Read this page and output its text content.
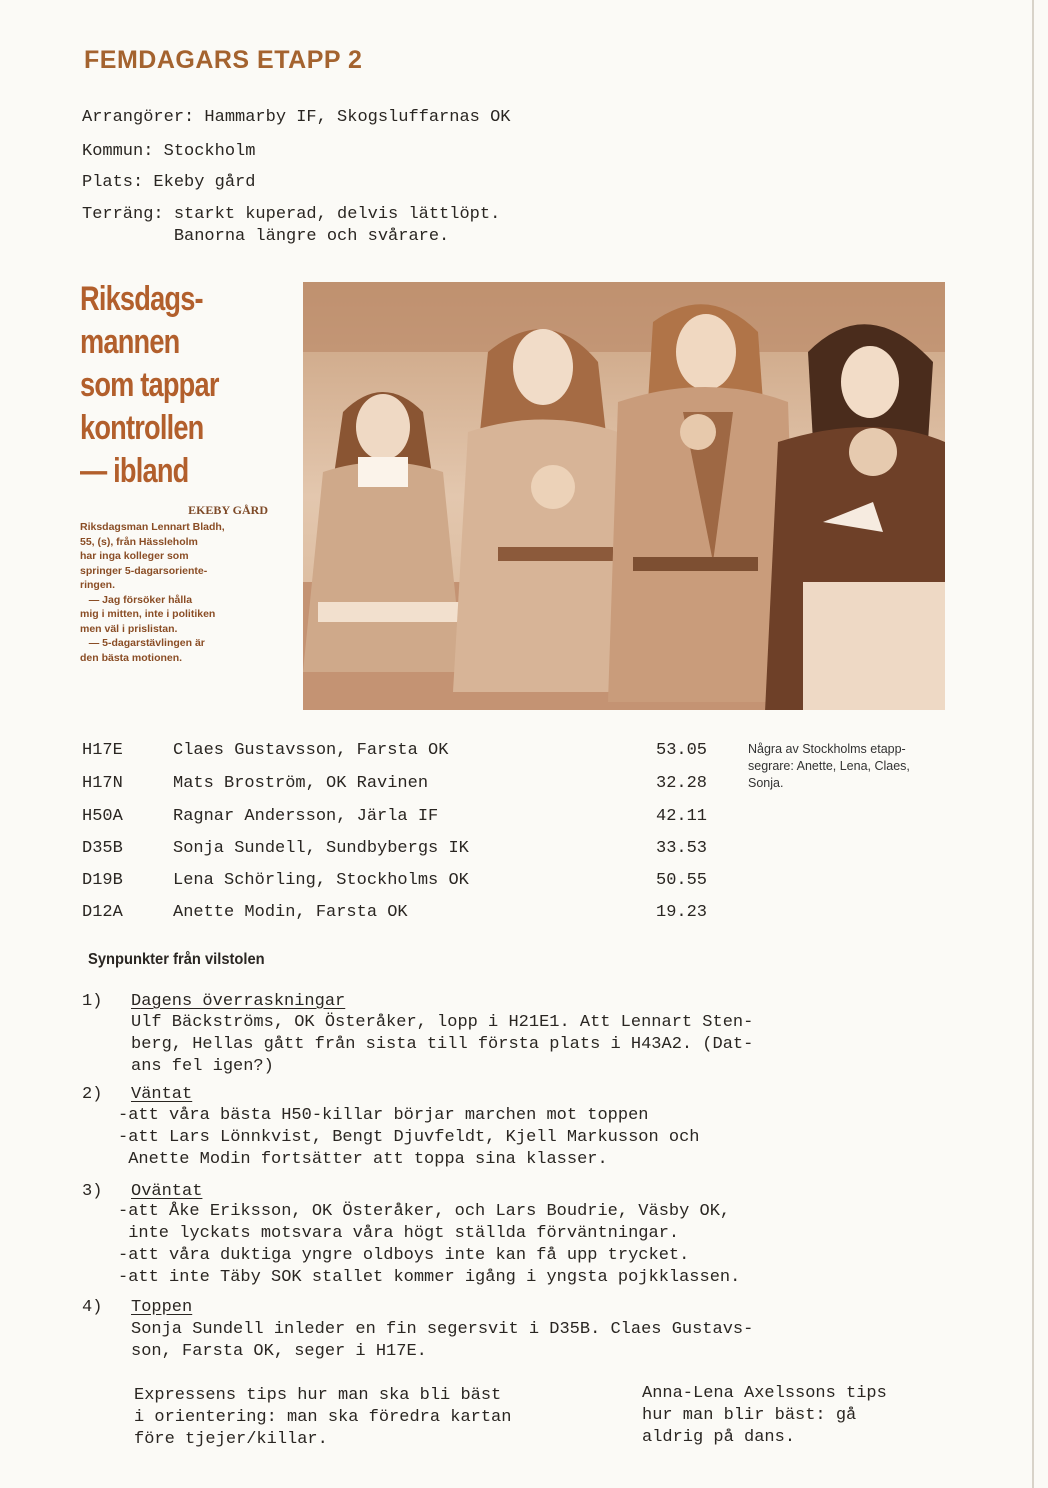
FEMDAGARS ETAPP 2
Arrangörer: Hammarby IF, Skogsluffarnas OK
Kommun: Stockholm
Plats: Ekeby gård
Terräng: starkt kuperad, delvis lättlöpt.
Banorna längre och svårare.
Riksdags-
mannen
som tappar
kontrollen
— ibland
EKEBY GÅRD
Riksdagsman Lennart Bladh,
55, (s), från Hässleholm
har inga kolleger som
springer 5-dagarsoriente-
ringen.
— Jag försöker hålla
mig i mitten, inte i politiken
men väl i prislistan.
— 5-dagarstävlingen är
den bästa motionen.
H17E	Claes Gustavsson, Farsta OK	53.05
H17N	Mats Broström, OK Ravinen	32.28
H50A	Ragnar Andersson, Järla IF	42.11
D35B	Sonja Sundell, Sundbybergs IK	33.53
D19B	Lena Schörling, Stockholms OK	50.55
D12A	Anette Modin, Farsta OK	19.23
Några av Stockholms etapp-
segrare: Anette, Lena, Claes,
Sonja.
Synpunkter från vilstolen
1) Dagens överraskningar
Ulf Bäckströms, OK Österåker, lopp i H21E1. Att Lennart Sten-
berg, Hellas gått från sista till första plats i H43A2. (Dat-
ans fel igen?)
2) Väntat
-att våra bästa H50-killar börjar marchen mot toppen
-att Lars Lönnkvist, Bengt Djuvfeldt, Kjell Markusson och
Anette Modin fortsätter att toppa sina klasser.
3) Oväntat
-att Åke Eriksson, OK Österåker, och Lars Boudrie, Väsby OK,
inte lyckats motsvara våra högt ställda förväntningar.
-att våra duktiga yngre oldboys inte kan få upp trycket.
-att inte Täby SOK stallet kommer igång i yngsta pojkklassen.
4) Toppen
Sonja Sundell inleder en fin segersvit i D35B. Claes Gustavs-
son, Farsta OK, seger i H17E.
Expressens tips hur man ska bli bäst
i orientering: man ska föredra kartan
före tjejer/killar.
Anna-Lena Axelssons tips
hur man blir bäst: gå
aldrig på dans.
